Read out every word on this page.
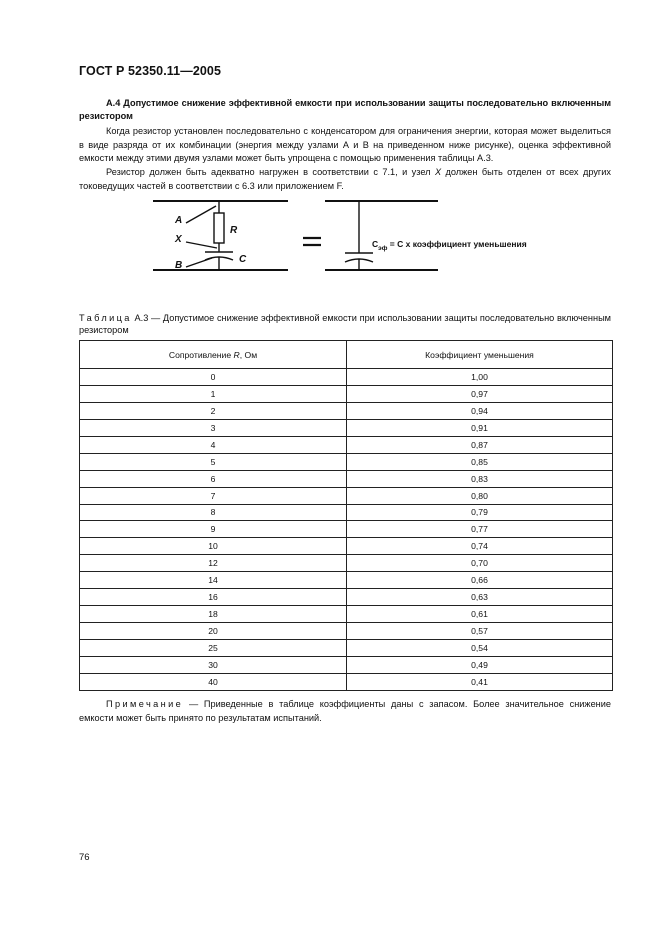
ГОСТ Р 52350.11—2005
А.4 Допустимое снижение эффективной емкости при использовании защиты последовательно включенным резистором
Когда резистор установлен последовательно с конденсатором для ограничения энергии, которая может выделиться в виде разряда от их комбинации (энергия между узлами А и В на приведенном ниже рисунке), оценка эффективной емкости между этими двумя узлами может быть упрощена с помощью применения таблицы А.3.
Резистор должен быть адекватно нагружен в соответствии с 7.1, и узел X должен быть отделен от всех других токоведущих частей в соответствии с 6.3 или приложением F.
A
X
B
R
C
$C_{эф} = C$ x коэффициент уменьшения
Таблица А.3 — Допустимое снижение эффективной емкости при использовании защиты последовательно включенным резистором
Сопротивление R, Ом	Коэффициент уменьшения
0	1,00
1	0,97
2	0,94
3	0,91
4	0,87
5	0,85
6	0,83
7	0,80
8	0,79
9	0,77
10	0,74
12	0,70
14	0,66
16	0,63
18	0,61
20	0,57
25	0,54
30	0,49
40	0,41
Примечание — Приведенные в таблице коэффициенты даны с запасом. Более значительное снижение емкости может быть принято по результатам испытаний.
76
